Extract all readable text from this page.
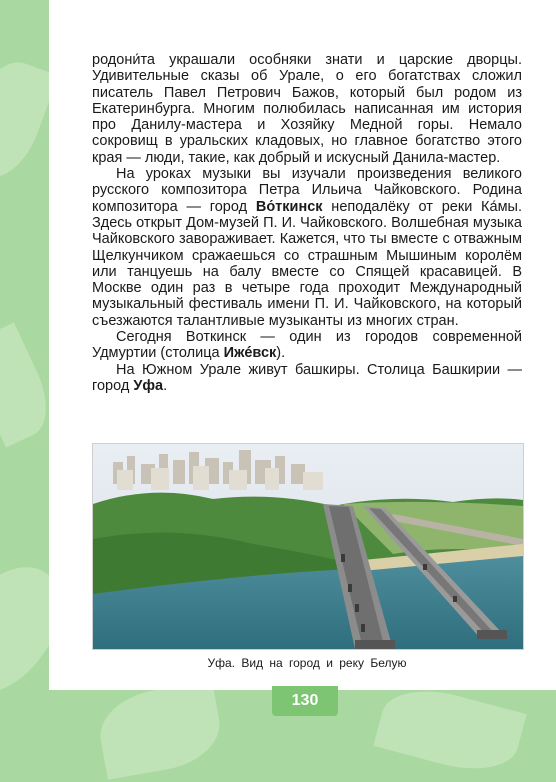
родони́та украшали особняки знати и царские дворцы. Удивительные сказы об Урале, о его богатствах сложил писатель Павел Петрович Бажов, который был родом из Екатеринбурга. Многим полюбилась написанная им история про Данилу-мастера и Хозяйку Медной горы. Немало сокровищ в уральских кладовых, но главное богатство этого края — люди, такие, как добрый и искусный Данила-мастер.

На уроках музыки вы изучали произведения великого русского композитора Петра Ильича Чайковского. Родина композитора — город Во́ткинск неподалёку от реки Ка́мы. Здесь открыт Дом-музей П. И. Чайковского. Волшебная музыка Чайковского завораживает. Кажется, что ты вместе с отважным Щелкунчиком сражаешься со страшным Мышиным королём или танцуешь на балу вместе со Спящей красавицей. В Москве один раз в четыре года проходит Международный музыкальный фестиваль имени П. И. Чайковского, на который съезжаются талантливые музыканты из многих стран.

Сегодня Воткинск — один из городов современной Удмуртии (столица Ижéвск).

На Южном Урале живут башкиры. Столица Башкирии — город Уфа.

Уфа. Вид на город и реку Белую
130
